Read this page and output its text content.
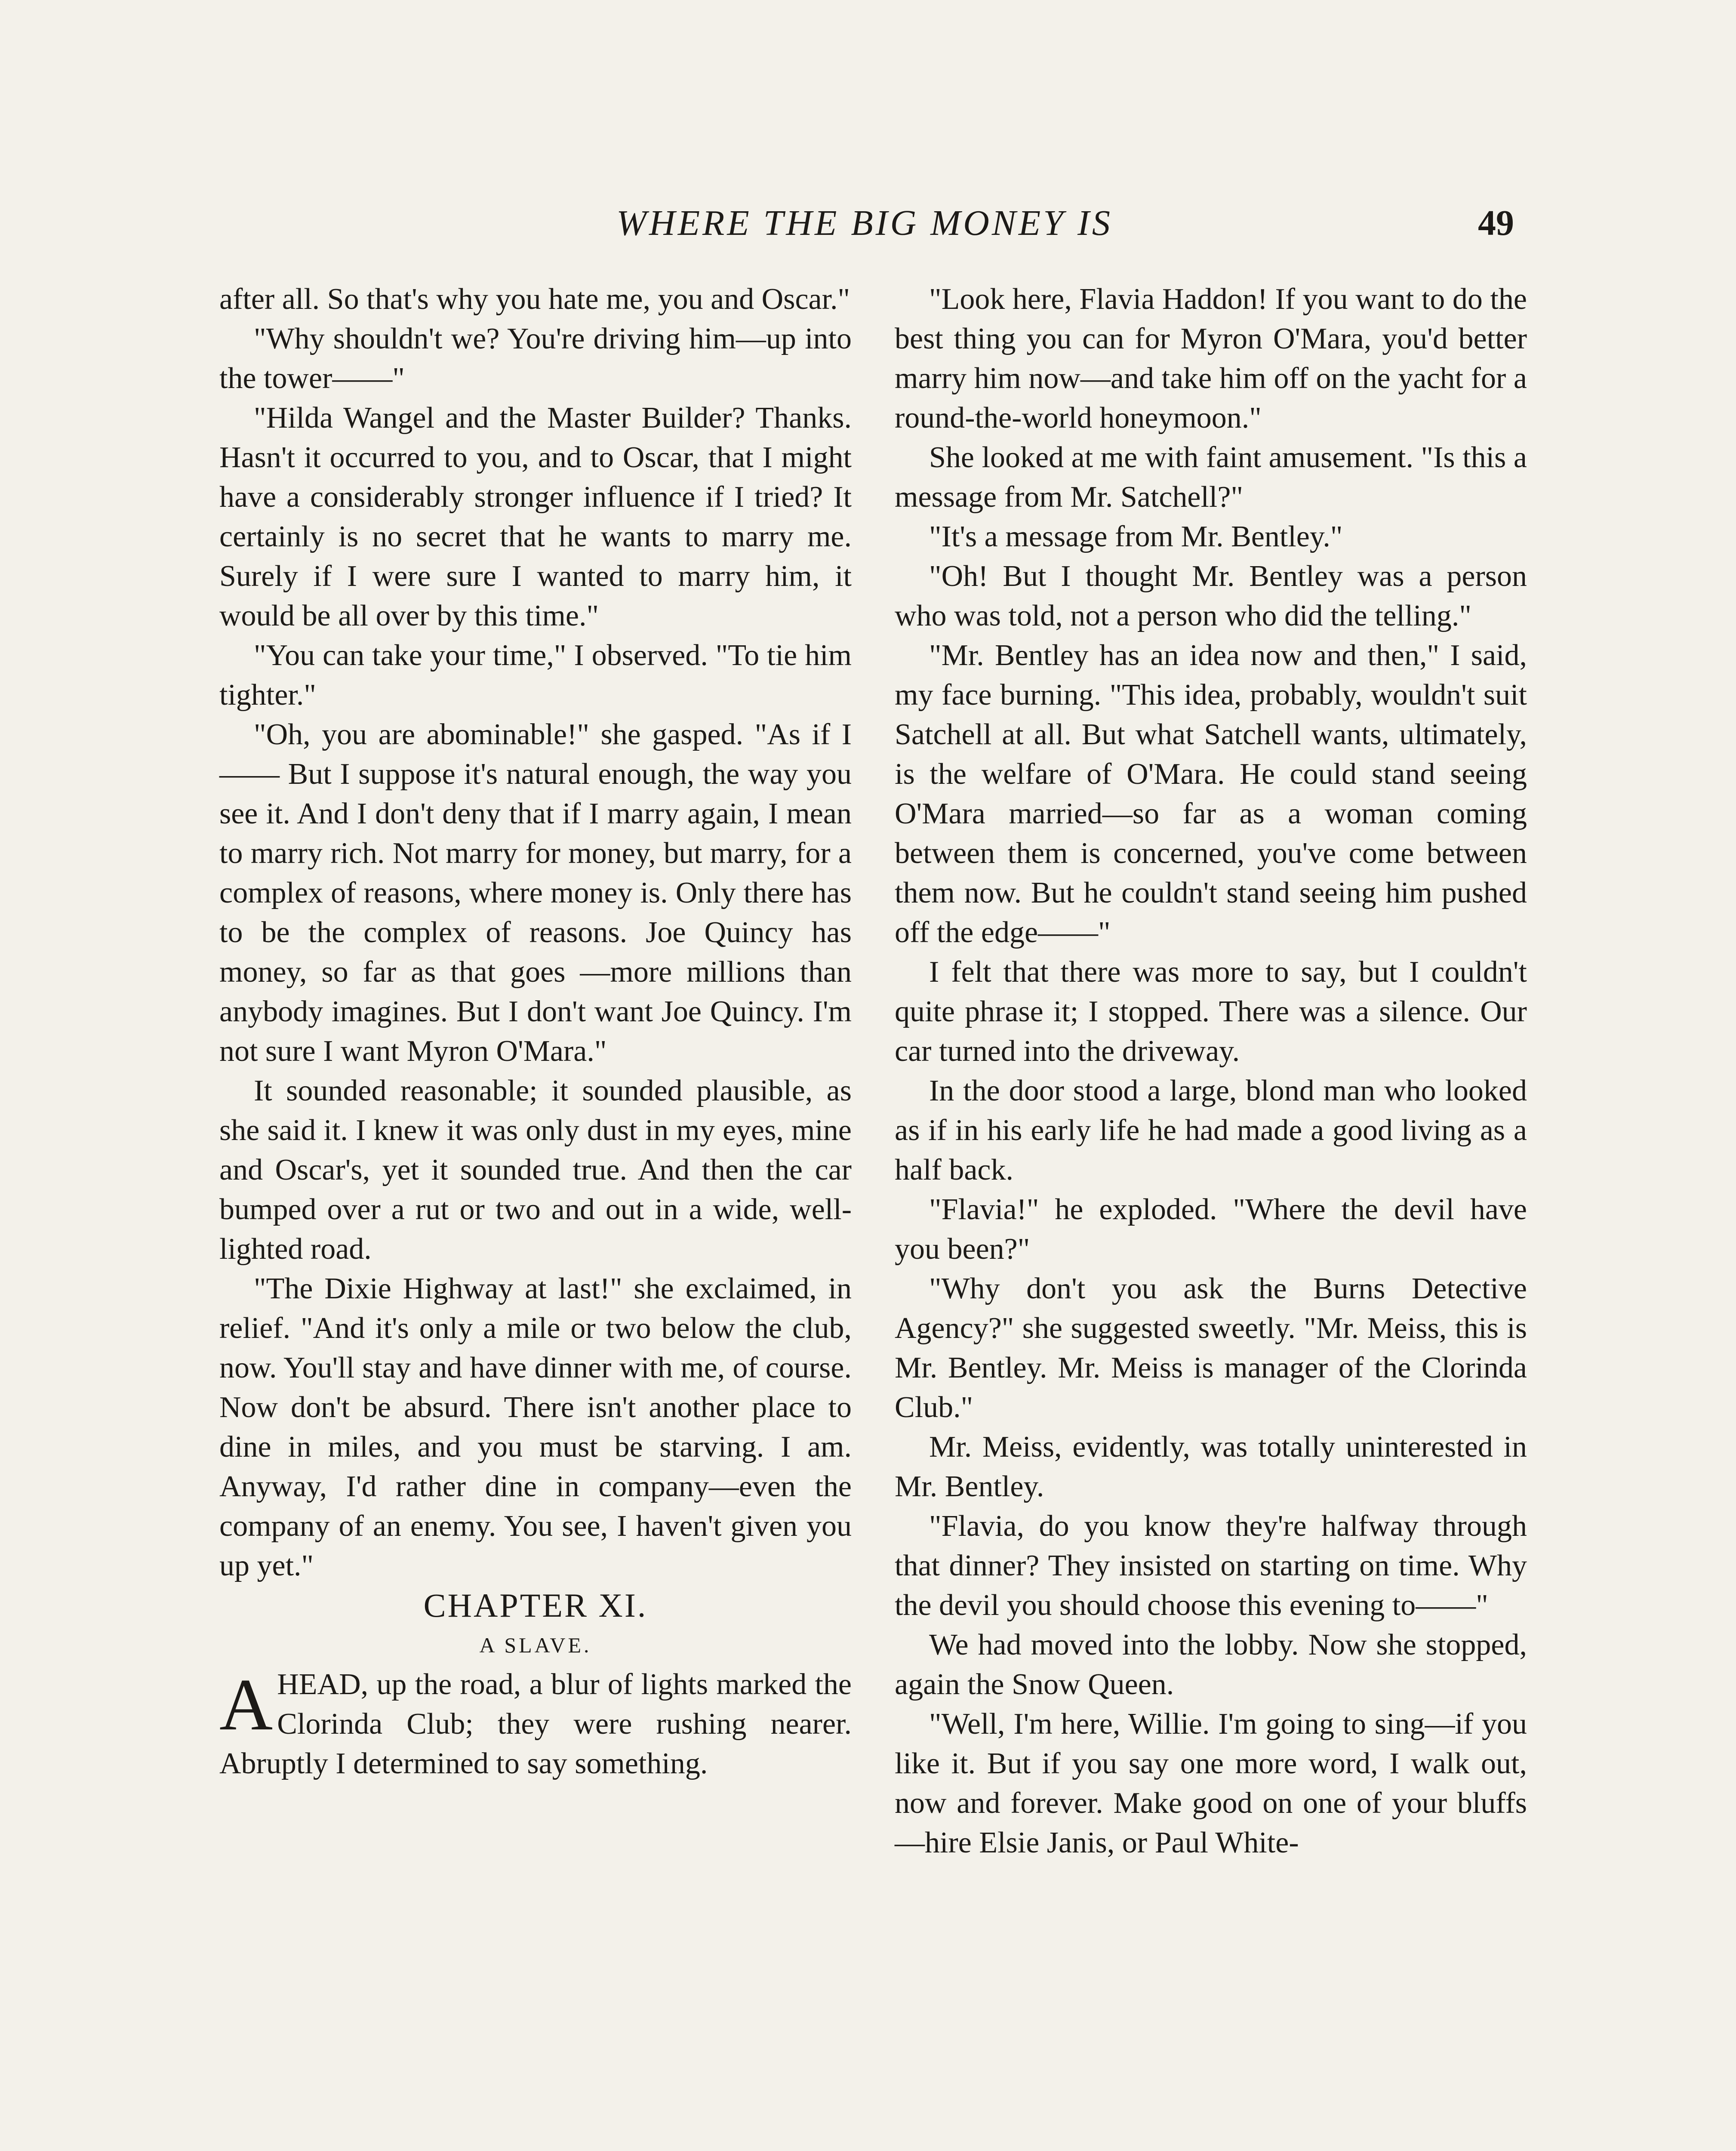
WHERE THE BIG MONEY IS	49

after all. So that's why you hate me, you and Oscar."

"Why shouldn't we? You're driving him—up into the tower——"

"Hilda Wangel and the Master Builder? Thanks. Hasn't it occurred to you, and to Oscar, that I might have a considerably stronger influence if I tried? It certainly is no secret that he wants to marry me. Surely if I were sure I wanted to marry him, it would be all over by this time."

"You can take your time," I observed. "To tie him tighter."

"Oh, you are abominable!" she gasped. "As if I—— But I suppose it's natural enough, the way you see it. And I don't deny that if I marry again, I mean to marry rich. Not marry for money, but marry, for a complex of reasons, where money is. Only there has to be the complex of reasons. Joe Quincy has money, so far as that goes —more millions than anybody imagines. But I don't want Joe Quincy. I'm not sure I want Myron O'Mara."

It sounded reasonable; it sounded plausible, as she said it. I knew it was only dust in my eyes, mine and Oscar's, yet it sounded true. And then the car bumped over a rut or two and out in a wide, well-lighted road.

"The Dixie Highway at last!" she exclaimed, in relief. "And it's only a mile or two below the club, now. You'll stay and have dinner with me, of course. Now don't be absurd. There isn't another place to dine in miles, and you must be starving. I am. Anyway, I'd rather dine in company—even the company of an enemy. You see, I haven't given you up yet."

CHAPTER XI.

A SLAVE.

AHEAD, up the road, a blur of lights marked the Clorinda Club; they were rushing nearer. Abruptly I determined to say something.

"Look here, Flavia Haddon! If you want to do the best thing you can for Myron O'Mara, you'd better marry him now—and take him off on the yacht for a round-the-world honeymoon."

She looked at me with faint amusement. "Is this a message from Mr. Satchell?"

"It's a message from Mr. Bentley."

"Oh! But I thought Mr. Bentley was a person who was told, not a person who did the telling."

"Mr. Bentley has an idea now and then," I said, my face burning. "This idea, probably, wouldn't suit Satchell at all. But what Satchell wants, ultimately, is the welfare of O'Mara. He could stand seeing O'Mara married—so far as a woman coming between them is concerned, you've come between them now. But he couldn't stand seeing him pushed off the edge——"

I felt that there was more to say, but I couldn't quite phrase it; I stopped. There was a silence. Our car turned into the driveway.

In the door stood a large, blond man who looked as if in his early life he had made a good living as a half back.

"Flavia!" he exploded. "Where the devil have you been?"

"Why don't you ask the Burns Detective Agency?" she suggested sweetly. "Mr. Meiss, this is Mr. Bentley. Mr. Meiss is manager of the Clorinda Club."

Mr. Meiss, evidently, was totally uninterested in Mr. Bentley.

"Flavia, do you know they're halfway through that dinner? They insisted on starting on time. Why the devil you should choose this evening to——"

We had moved into the lobby. Now she stopped, again the Snow Queen.

"Well, I'm here, Willie. I'm going to sing—if you like it. But if you say one more word, I walk out, now and forever. Make good on one of your bluffs—hire Elsie Janis, or Paul White-
